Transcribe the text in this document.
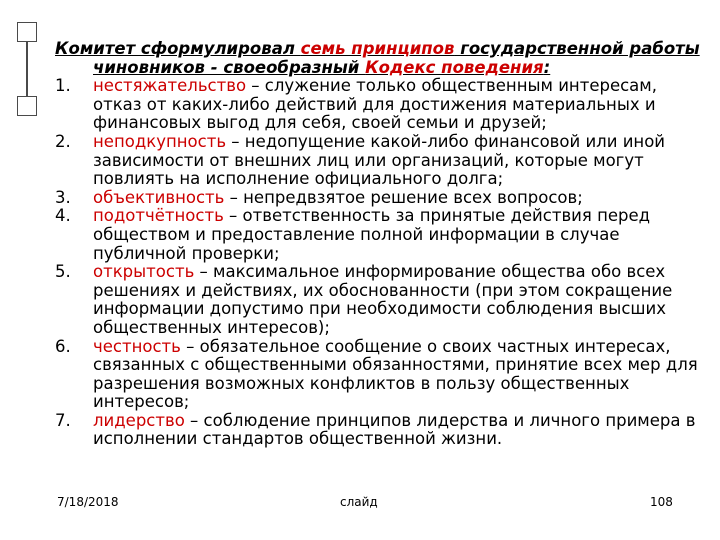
Комитет сформулировал семь принципов государственной работы чиновников - своеобразный Кодекс поведения:

1.	нестяжательство – служение только общественным интересам, отказ от каких-либо действий для достижения материальных и финансовых выгод для себя, своей семьи и друзей;
2.	неподкупность – недопущение какой-либо финансовой или иной зависимости от внешних лиц или организаций, которые могут повлиять на исполнение официального долга;
3.	объективность – непредвзятое решение всех вопросов;
4.	подотчётность – ответственность за принятые действия перед обществом и предоставление полной информации в случае публичной проверки;
5.	открытость – максимальное информирование общества обо всех решениях и действиях, их обоснованности (при этом сокращение информации допустимо при необходимости соблюдения высших общественных интересов);
6.	честность – обязательное сообщение о своих частных интересах, связанных с общественными обязанностями, принятие всех мер для разрешения возможных конфликтов в пользу общественных интересов;
7.	лидерство – соблюдение принципов лидерства и личного примера в исполнении стандартов общественной жизни.
7/18/2018	слайд	108
